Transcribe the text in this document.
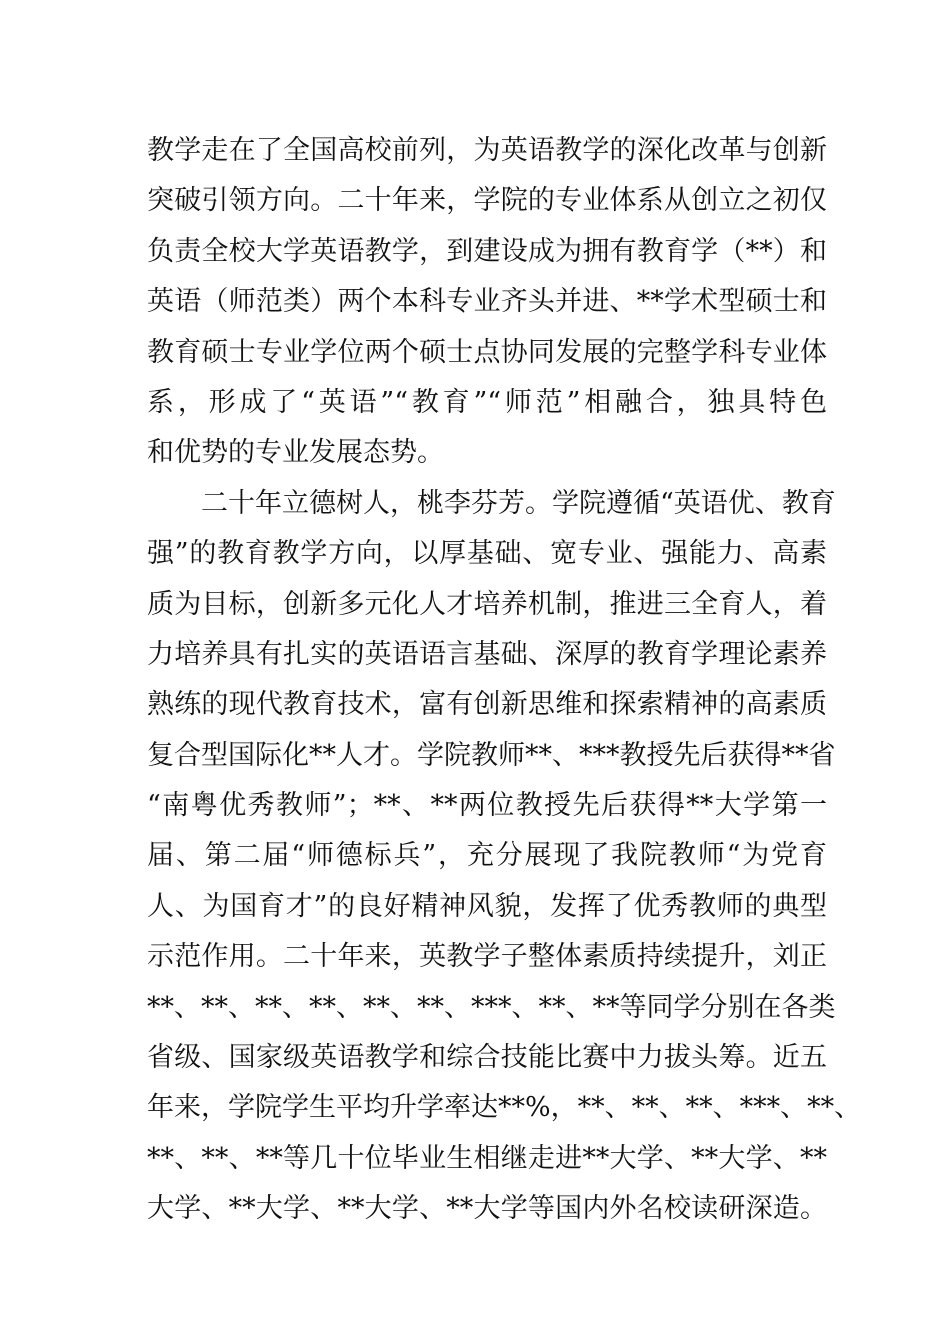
教学走在了全国高校前列，为英语教学的深化改革与创新
突破引领方向。二十年来，学院的专业体系从创立之初仅
负责全校大学英语教学，到建设成为拥有教育学（**）和
英语（师范类）两个本科专业齐头并进、**学术型硕士和
教育硕士专业学位两个硕士点协同发展的完整学科专业体
系，形成了“英语”“教育”“师范”相融合，独具特色
和优势的专业发展态势。
二十年立德树人，桃李芬芳。学院遵循“英语优、教育
强”的教育教学方向，以厚基础、宽专业、强能力、高素
质为目标，创新多元化人才培养机制，推进三全育人，着
力培养具有扎实的英语语言基础、深厚的教育学理论素养
熟练的现代教育技术，富有创新思维和探索精神的高素质
复合型国际化**人才。学院教师**、***教授先后获得**省
“南粤优秀教师”；**、**两位教授先后获得**大学第一
届、第二届“师德标兵”，充分展现了我院教师“为党育
人、为国育才”的良好精神风貌，发挥了优秀教师的典型
示范作用。二十年来，英教学子整体素质持续提升，刘正
**、**、**、**、**、**、***、**、**等同学分别在各类
省级、国家级英语教学和综合技能比赛中力拔头筹。近五
年来，学院学生平均升学率达**%，**、**、**、***、**、
**、**、**等几十位毕业生相继走进**大学、**大学、**
大学、**大学、**大学、**大学等国内外名校读研深造。
